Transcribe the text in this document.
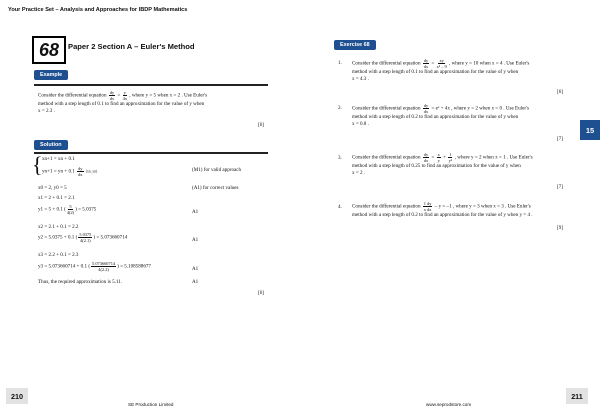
Your Practice Set – Analysis and Approaches for IBDP Mathematics
68	Paper 2 Section A – Euler's Method
Example
Consider the differential equation $\frac{dy}{dx} = \frac{y}{4x}$ , where y = 5 when x = 2 . Use Euler's
method with a step length of 0.1 to find an approximation for the value of y when
x = 2.3 .
[6]
Solution
{ xn+1 = xn + 0.1
yn+1 = yn + $0.1 \frac{dy}{dx} (xn$, yn)	(M1) for valid approach
x0 = 2, y0 = 5	(A1) for correct values
x1 = 2 + 0.1 = 2.1
y1 = 5 + 0.1 ( $\frac{5}{4(2)}$ ) = 5.0375	A1
x2 = 2.1 + 0.1 = 2.2
y2 = 5.0375 + 0.1 ( $\frac{5.0375}{4(2.1)}$ ) = 5.073660714	A1
x3 = 2.2 + 0.1 = 2.3
y3 = 5.073660714 + 0.1 ( $\frac{5.073660714}{4(2.2)}$ ) = 5.108588677	A1
Thus, the required approximation is 5.11.	A1
[6]
Exercise 68
1. Consider the differential equation $\frac{dy}{dx} = \frac{xy}{\text{x² – 9}}$ , where y = 10 when x = 4 . Use Euler's
method with a step length of 0.1 to find an approximation for the value of y when
x = 4.3 .
[6]
2. Consider the differential equation $\frac{dy}{dx}$ = eˣ + 4x , where y = 2 when x = 0 . Use Euler's
method with a step length of 0.2 to find an approximation for the value of y when
x = 0.8 .
[7]
3. Consider the differential equation $\frac{dy}{dx} = \frac{x}{y} + \frac{1}{\text{y²}}$ , where y = 2 when x = 1 . Use Euler's
method with a step length of 0.25 to find an approximation for the value of y when
x = 2 .
[7]
4. Consider the differential equation $\frac{1 dy}{\text{x dx}} - y = -1$ , where y = 3 when x = 3 . Use Euler's
method with a step length of 0.2 to find an approximation for the value of y when y = 4 .
[9]
15
210	211
SE Production Limited	www.seprodstore.com
